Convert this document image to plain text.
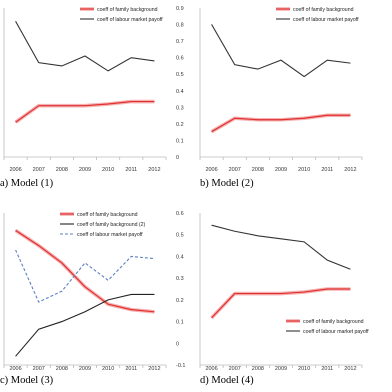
0
0.1
0.2
0.3
0.4
0.5
0.6
0.7
0.8
0.9
2006 2007 2008 2009 2010 2011 2012
coeff of family background
coeff of labour market payoff
2006 2007 2008 2009 2010 2011 2012
coeff of family background
coeff of labour market payoff
-0.1
0
0.1
0.2
0.3
0.4
0.5
0.6
2006 2007 2008 2009 2010 2011 2012
coeff of family background
coeff of family background (2)
coeff of labour market payoff
2006 2007 2008 2009 2010 2011 2012
coeff of family background
coeff of labour market payoff
a) Model (1)	b) Model (2)
c) Model (3)	d) Model (4)
